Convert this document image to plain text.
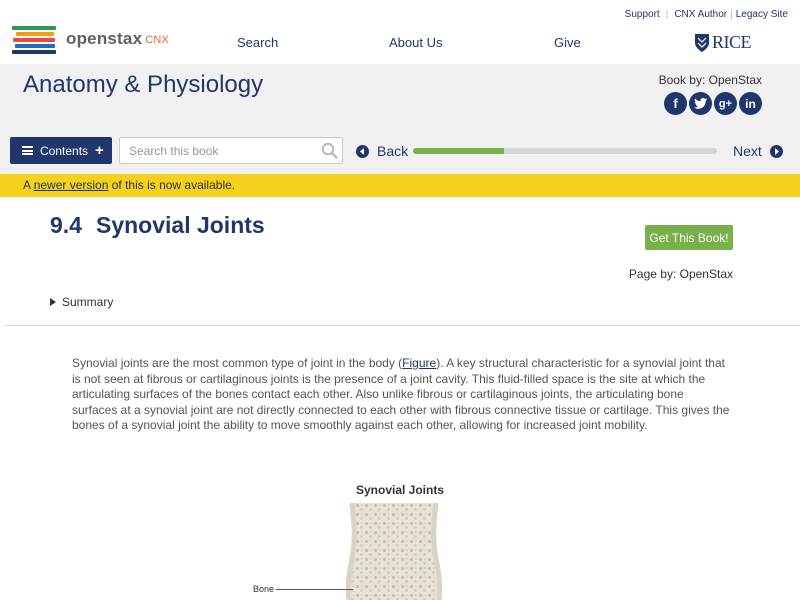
openstax CNX
Support | CNX Author | Legacy Site
Search	About Us	Give	RICE
Anatomy & Physiology	Book by: OpenStax
f	g+	in
Contents +
Search this book	Back	Next
A newer version of this is now available.
9.4 Synovial Joints	Get This Book!
Page by: OpenStax
Summary

Synovial joints are the most common type of joint in the body (Figure). A key structural characteristic for a synovial joint that is not seen at fibrous or cartilaginous joints is the presence of a joint cavity. This fluid-filled space is the site at which the articulating surfaces of the bones contact each other. Also unlike fibrous or cartilaginous joints, the articulating bone surfaces at a synovial joint are not directly connected to each other with fibrous connective tissue or cartilage. This gives the bones of a synovial joint the ability to move smoothly against each other, allowing for increased joint mobility.

Synovial Joints
Bone
